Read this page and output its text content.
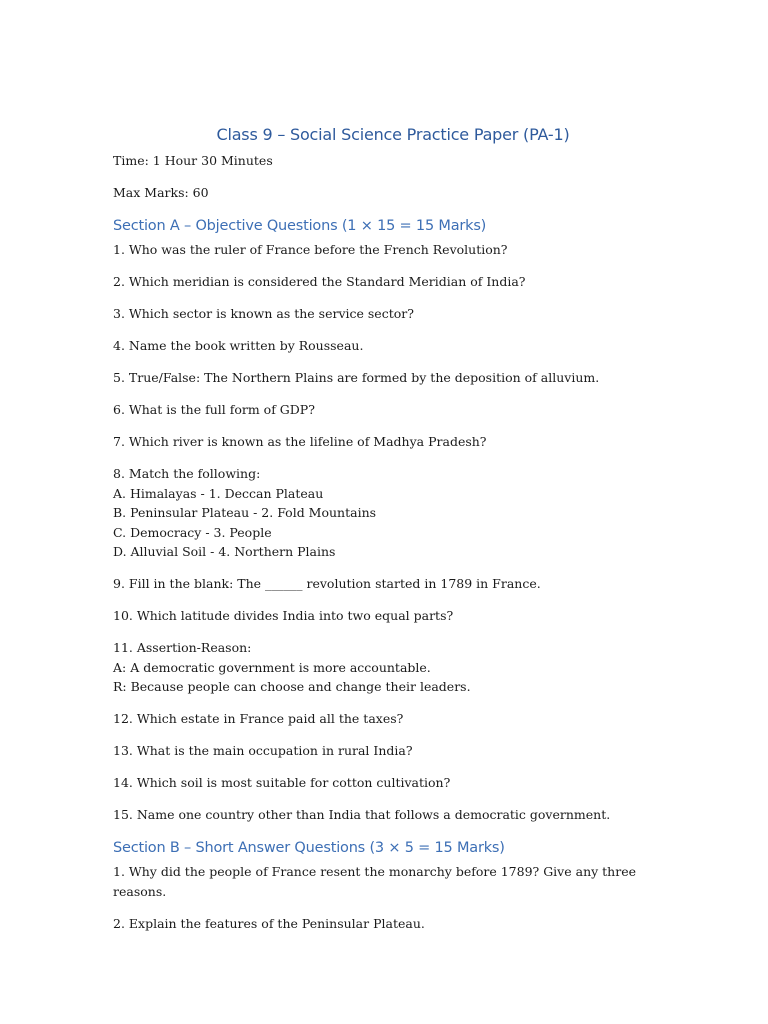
Class 9 – Social Science Practice Paper (PA-1)

Time: 1 Hour 30 Minutes

Max Marks: 60

Section A – Objective Questions (1 × 15 = 15 Marks)

1. Who was the ruler of France before the French Revolution?

2. Which meridian is considered the Standard Meridian of India?

3. Which sector is known as the service sector?

4. Name the book written by Rousseau.

5. True/False: The Northern Plains are formed by the deposition of alluvium.

6. What is the full form of GDP?

7. Which river is known as the lifeline of Madhya Pradesh?

8. Match the following:
A. Himalayas - 1. Deccan Plateau
B. Peninsular Plateau - 2. Fold Mountains
C. Democracy - 3. People
D. Alluvial Soil - 4. Northern Plains

9. Fill in the blank: The ______ revolution started in 1789 in France.

10. Which latitude divides India into two equal parts?

11. Assertion-Reason:
A: A democratic government is more accountable.
R: Because people can choose and change their leaders.

12. Which estate in France paid all the taxes?

13. What is the main occupation in rural India?

14. Which soil is most suitable for cotton cultivation?

15. Name one country other than India that follows a democratic government.

Section B – Short Answer Questions (3 × 5 = 15 Marks)

1. Why did the people of France resent the monarchy before 1789? Give any three reasons.

2. Explain the features of the Peninsular Plateau.
